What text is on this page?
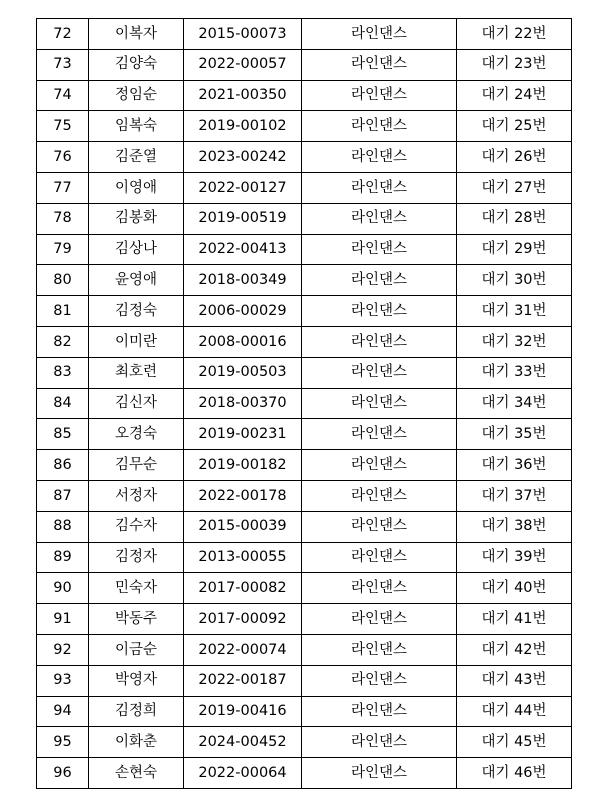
72	이복자	2015-00073	라인댄스	대기 22번
73	김양숙	2022-00057	라인댄스	대기 23번
74	정임순	2021-00350	라인댄스	대기 24번
75	임복숙	2019-00102	라인댄스	대기 25번
76	김준열	2023-00242	라인댄스	대기 26번
77	이영애	2022-00127	라인댄스	대기 27번
78	김봉화	2019-00519	라인댄스	대기 28번
79	김상나	2022-00413	라인댄스	대기 29번
80	윤영애	2018-00349	라인댄스	대기 30번
81	김정숙	2006-00029	라인댄스	대기 31번
82	이미란	2008-00016	라인댄스	대기 32번
83	최호련	2019-00503	라인댄스	대기 33번
84	김신자	2018-00370	라인댄스	대기 34번
85	오경숙	2019-00231	라인댄스	대기 35번
86	김무순	2019-00182	라인댄스	대기 36번
87	서정자	2022-00178	라인댄스	대기 37번
88	김수자	2015-00039	라인댄스	대기 38번
89	김정자	2013-00055	라인댄스	대기 39번
90	민숙자	2017-00082	라인댄스	대기 40번
91	박동주	2017-00092	라인댄스	대기 41번
92	이금순	2022-00074	라인댄스	대기 42번
93	박영자	2022-00187	라인댄스	대기 43번
94	김정희	2019-00416	라인댄스	대기 44번
95	이화춘	2024-00452	라인댄스	대기 45번
96	손현숙	2022-00064	라인댄스	대기 46번
